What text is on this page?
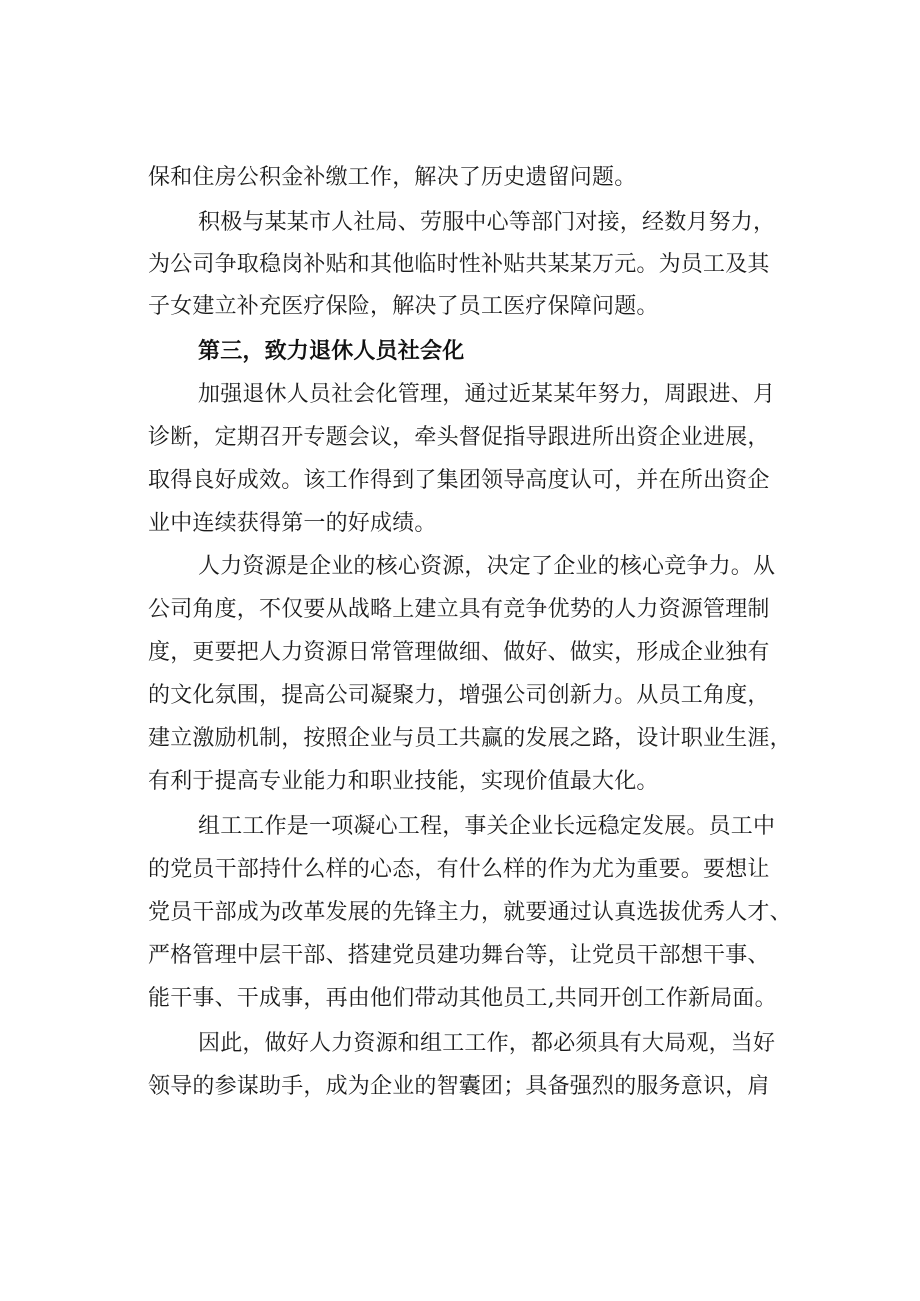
保和住房公积金补缴工作，解决了历史遗留问题。
积极与某某市人社局、劳服中心等部门对接，经数月努力，
为公司争取稳岗补贴和其他临时性补贴共某某万元。为员工及其
子女建立补充医疗保险，解决了员工医疗保障问题。
第三，致力退休人员社会化
加强退休人员社会化管理，通过近某某年努力，周跟进、月
诊断，定期召开专题会议，牵头督促指导跟进所出资企业进展，
取得良好成效。该工作得到了集团领导高度认可，并在所出资企
业中连续获得第一的好成绩。
人力资源是企业的核心资源，决定了企业的核心竞争力。从
公司角度，不仅要从战略上建立具有竞争优势的人力资源管理制
度，更要把人力资源日常管理做细、做好、做实，形成企业独有
的文化氛围，提高公司凝聚力，增强公司创新力。从员工角度，
建立激励机制，按照企业与员工共赢的发展之路，设计职业生涯，
有利于提高专业能力和职业技能，实现价值最大化。
组工工作是一项凝心工程，事关企业长远稳定发展。员工中
的党员干部持什么样的心态，有什么样的作为尤为重要。要想让
党员干部成为改革发展的先锋主力，就要通过认真选拔优秀人才、
严格管理中层干部、搭建党员建功舞台等，让党员干部想干事、
能干事、干成事，再由他们带动其他员工,共同开创工作新局面。
因此，做好人力资源和组工工作，都必须具有大局观，当好
领导的参谋助手，成为企业的智囊团；具备强烈的服务意识，肩
